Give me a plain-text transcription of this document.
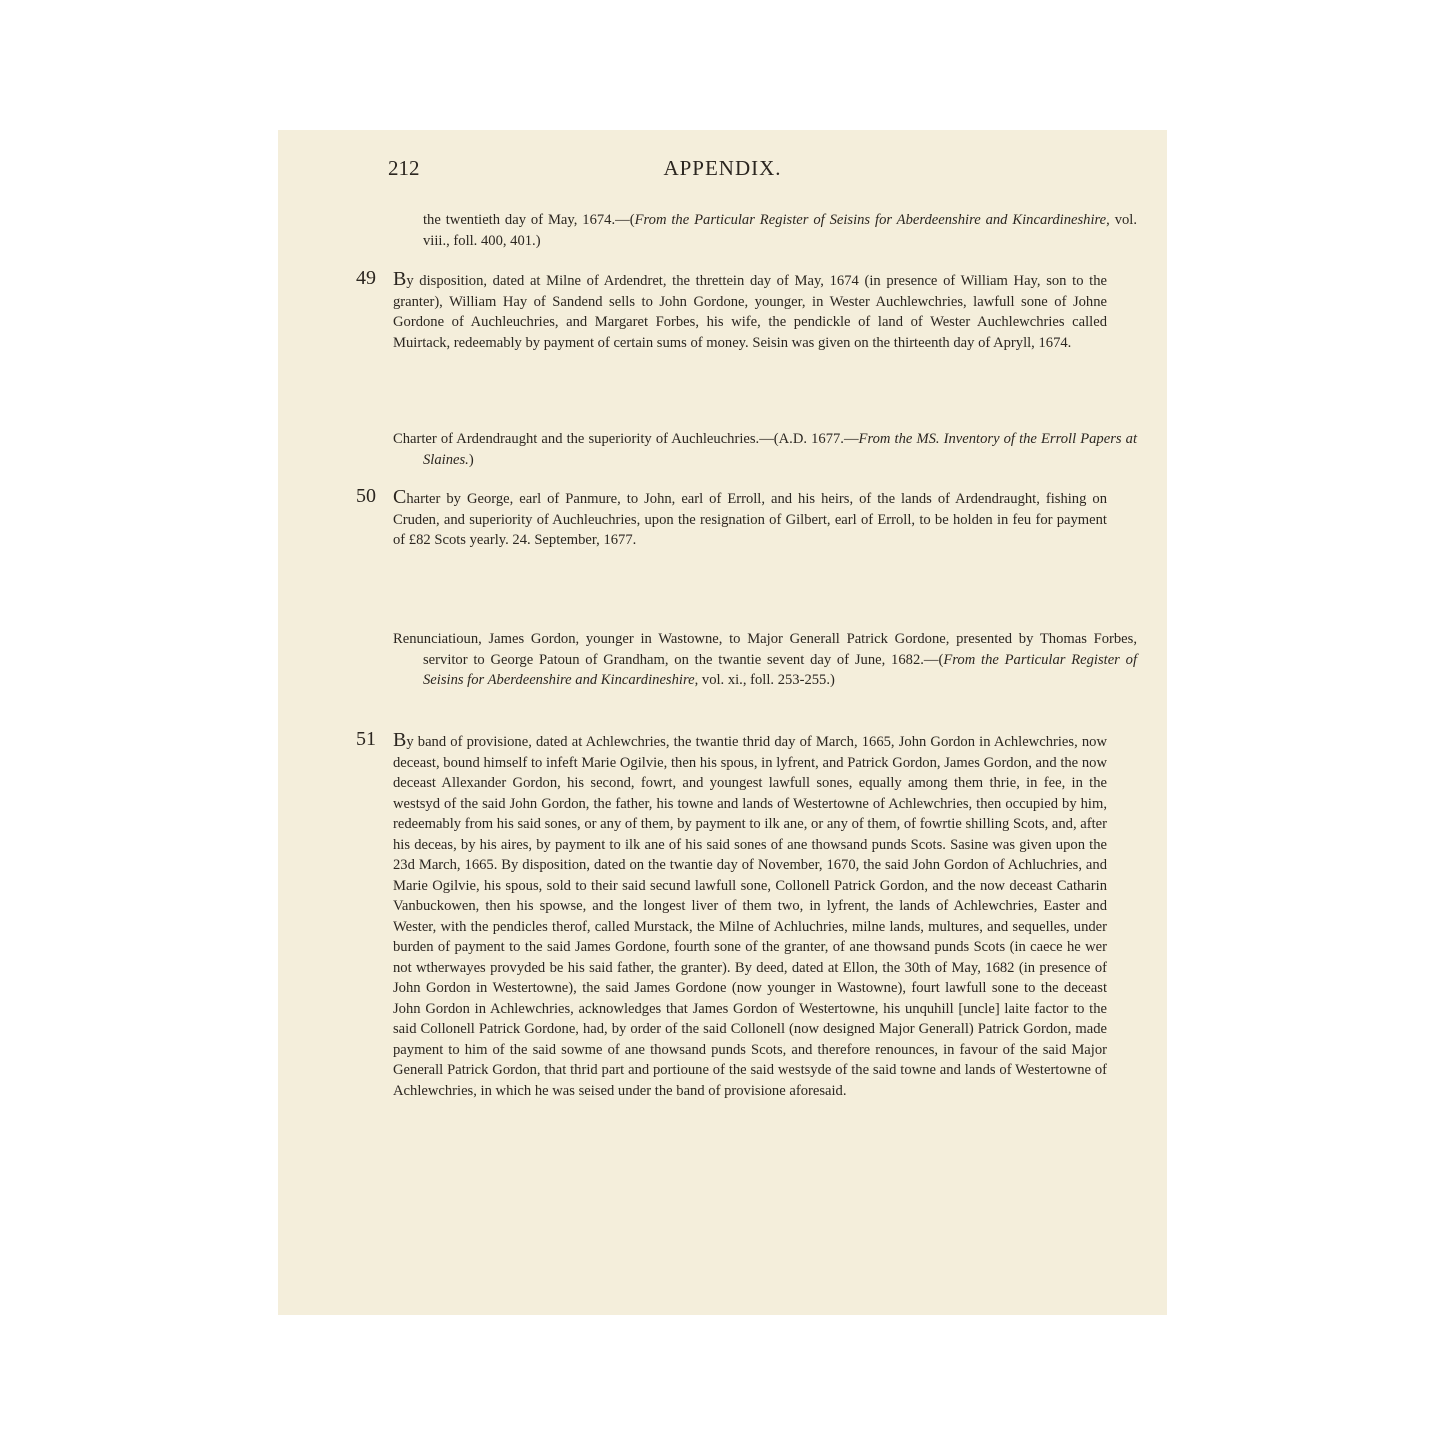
212	APPENDIX.

the twentieth day of May, 1674.—(From the Particular Register of Seisins for Aberdeenshire and Kincardineshire, vol. viii., foll. 400, 401.)

49 By disposition, dated at Milne of Ardendret, the threttein day of May, 1674 (in presence of William Hay, son to the granter), William Hay of Sandend sells to John Gordone, younger, in Wester Auchlewchries, lawfull sone of Johne Gordone of Auchleuchries, and Margaret Forbes, his wife, the pendickle of land of Wester Auchlewchries called Muirtack, redeemably by payment of certain sums of money. Seisin was given on the thirteenth day of Apryll, 1674.

Charter of Ardendraught and the superiority of Auchleuchries.—(A.D. 1677.—From the MS. Inventory of the Erroll Papers at Slaines.)

50 Charter by George, earl of Panmure, to John, earl of Erroll, and his heirs, of the lands of Ardendraught, fishing on Cruden, and superiority of Auchleuchries, upon the resignation of Gilbert, earl of Erroll, to be holden in feu for payment of £82 Scots yearly. 24. September, 1677.

Renunciatioun, James Gordon, younger in Wastowne, to Major Generall Patrick Gordone, presented by Thomas Forbes, servitor to George Patoun of Grandham, on the twantie sevent day of June, 1682.—(From the Particular Register of Seisins for Aberdeenshire and Kincardineshire, vol. xi., foll. 253-255.)

51 By band of provisione, dated at Achlewchries, the twantie thrid day of March, 1665, John Gordon in Achlewchries, now deceast, bound himself to infeft Marie Ogilvie, then his spous, in lyfrent, and Patrick Gordon, James Gordon, and the now deceast Allexander Gordon, his second, fowrt, and youngest lawfull sones, equally among them thrie, in fee, in the westsyd of the said John Gordon, the father, his towne and lands of Westertowne of Achlewchries, then occupied by him, redeemably from his said sones, or any of them, by payment to ilk ane, or any of them, of fowrtie shilling Scots, and, after his deceas, by his aires, by payment to ilk ane of his said sones of ane thowsand punds Scots. Sasine was given upon the 23d March, 1665. By disposition, dated on the twantie day of November, 1670, the said John Gordon of Achluchries, and Marie Ogilvie, his spous, sold to their said secund lawfull sone, Collonell Patrick Gordon, and the now deceast Catharin Vanbuckowen, then his spowse, and the longest liver of them two, in lyfrent, the lands of Achlewchries, Easter and Wester, with the pendicles therof, called Murstack, the Milne of Achluchries, milne lands, multures, and sequelles, under burden of payment to the said James Gordone, fourth sone of the granter, of ane thowsand punds Scots (in caece he wer not wtherwayes provyded be his said father, the granter). By deed, dated at Ellon, the 30th of May, 1682 (in presence of John Gordon in Westertowne), the said James Gordone (now younger in Wastowne), fourt lawfull sone to the deceast John Gordon in Achlewchries, acknowledges that James Gordon of Westertowne, his unquhill [uncle] laite factor to the said Collonell Patrick Gordone, had, by order of the said Collonell (now designed Major Generall) Patrick Gordon, made payment to him of the said sowme of ane thowsand punds Scots, and therefore renounces, in favour of the said Major Generall Patrick Gordon, that thrid part and portioune of the said westsyde of the said towne and lands of Westertowne of Achlewchries, in which he was seised under the band of provisione aforesaid.
